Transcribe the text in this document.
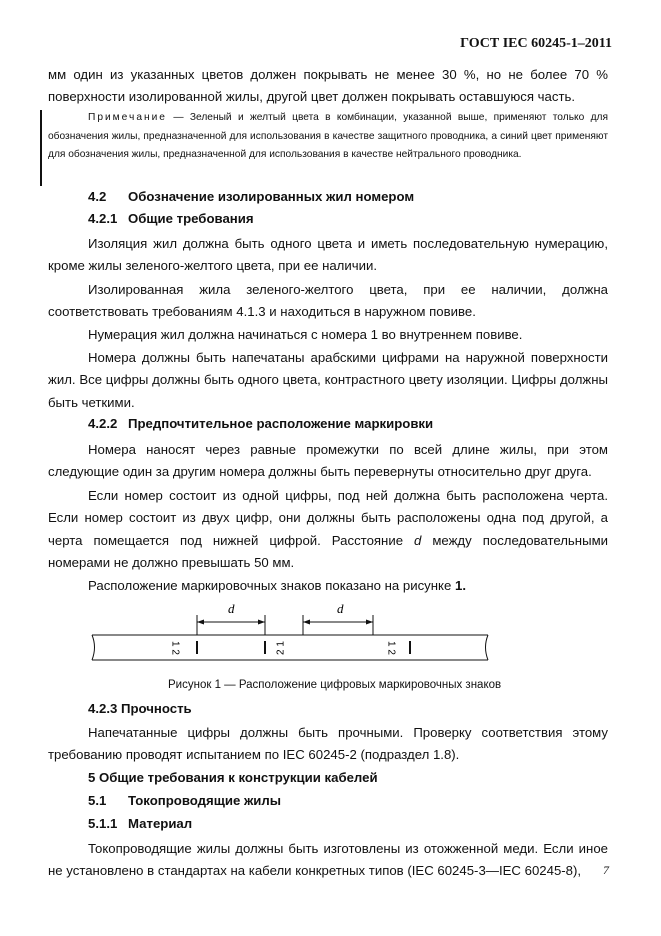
ГОСТ IEC 60245-1–2011
мм один из указанных цветов должен покрывать не менее 30 %, но не более 70 % поверхности изолированной жилы, другой цвет должен покрывать оставшуюся часть.
Примечание — Зеленый и желтый цвета в комбинации, указанной выше, применяют только для обозначения жилы, предназначенной для использования в качестве защитного проводника, а синий цвет применяют для обозначения жилы, предназначенной для использования в качестве нейтрального проводника.
4.2 Обозначение изолированных жил номером
4.2.1 Общие требования
Изоляция жил должна быть одного цвета и иметь последовательную нумерацию, кроме жилы зеленого-желтого цвета, при ее наличии.
Изолированная жила зеленого-желтого цвета, при ее наличии, должна соответствовать требованиям 4.1.3 и находиться в наружном повиве.
Нумерация жил должна начинаться с номера 1 во внутреннем повиве.
Номера должны быть напечатаны арабскими цифрами на наружной поверхности жил. Все цифры должны быть одного цвета, контрастного цвету изоляции. Цифры должны быть четкими.
4.2.2 Предпочтительное расположение маркировки
Номера наносят через равные промежутки по всей длине жилы, при этом следующие один за другим номера должны быть перевернуты относительно друг друга.
Если номер состоит из одной цифры, под ней должна быть расположена черта. Если номер состоит из двух цифр, они должны быть расположены одна под другой, а черта помещается под нижней цифрой. Расстояние d между последовательными номерами не должно превышать 50 мм.
Расположение маркировочных знаков показано на рисунке 1.
d	d
1 2	2 1	1 2
Рисунок 1 — Расположение цифровых маркировочных знаков
4.2.3 Прочность
Напечатанные цифры должны быть прочными. Проверку соответствия этому требованию проводят испытанием по IEC 60245-2 (подраздел 1.8).
5 Общие требования к конструкции кабелей
5.1 Токопроводящие жилы
5.1.1 Материал
Токопроводящие жилы должны быть изготовлены из отожженной меди. Если иное не установлено в стандартах на кабели конкретных типов (IEC 60245-3—IEC 60245-8),	7
